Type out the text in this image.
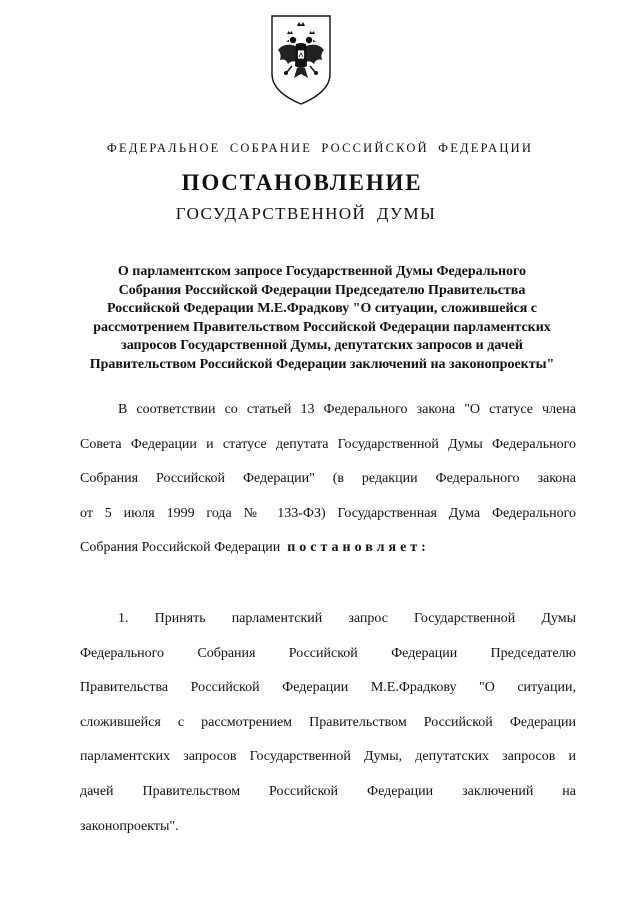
ФЕДЕРАЛЬНОЕ СОБРАНИЕ РОССИЙСКОЙ ФЕДЕРАЦИИ
ПОСТАНОВЛЕНИЕ
ГОСУДАРСТВЕННОЙ ДУМЫ
О парламентском запросе Государственной Думы Федерального
Собрания Российской Федерации Председателю Правительства
Российской Федерации М.Е.Фрадкову "О ситуации, сложившейся с
рассмотрением Правительством Российской Федерации парламентских
запросов Государственной Думы, депутатских запросов и дачей
Правительством Российской Федерации заключений на законопроекты"
В соответствии со статьей 13 Федерального закона "О статусе члена
Совета Федерации и статусе депутата Государственной Думы Федерального
Собрания Российской Федерации" (в редакции Федерального закона
от 5 июля 1999 года № 133-ФЗ) Государственная Дума Федерального
Собрания Российской Федерации постановляет:
1. Принять парламентский запрос Государственной Думы
Федерального Собрания Российской Федерации Председателю
Правительства Российской Федерации М.Е.Фрадкову "О ситуации,
сложившейся с рассмотрением Правительством Российской Федерации
парламентских запросов Государственной Думы, депутатских запросов и
дачей Правительством Российской Федерации заключений на
законопроекты".
